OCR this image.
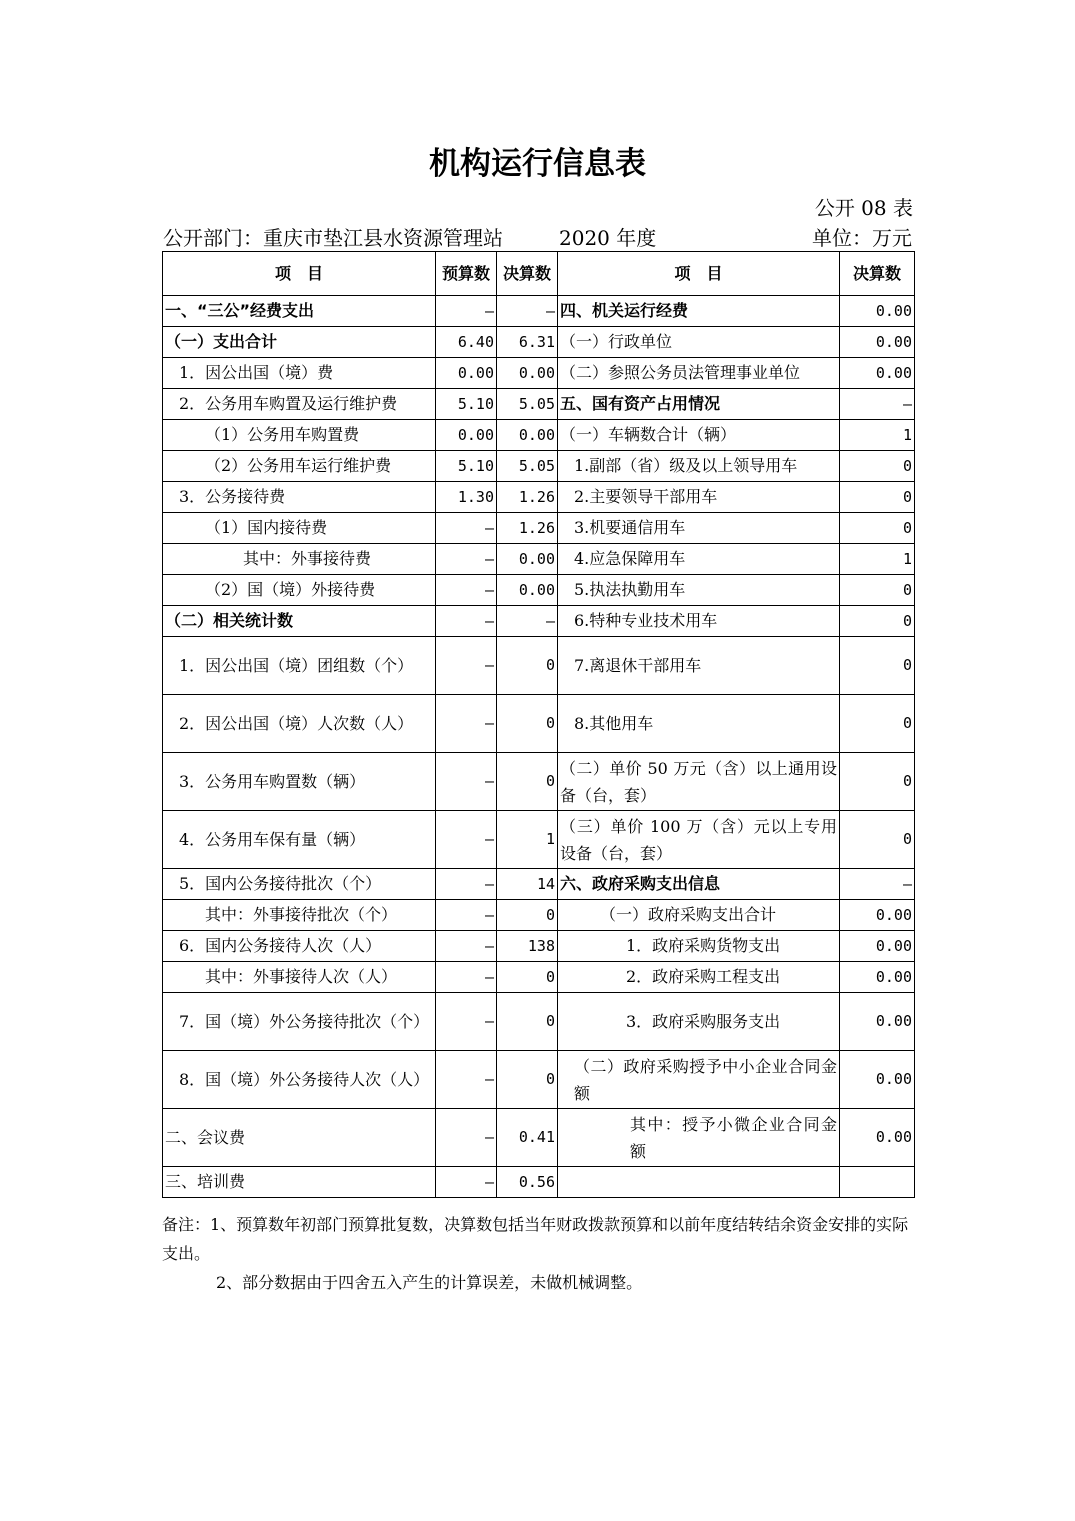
机构运行信息表
公开 08 表
公开部门：重庆市垫江县水资源管理站	2020 年度	单位：万元
项　目	预算数	决算数	项　目	决算数
一、“三公”经费支出	—	—	四、机关运行经费	0.00
（一）支出合计	6.40	6.31	（一）行政单位	0.00
1．因公出国（境）费	0.00	0.00	（二）参照公务员法管理事业单位	0.00
2．公务用车购置及运行维护费	5.10	5.05	五、国有资产占用情况	—
（1）公务用车购置费	0.00	0.00	（一）车辆数合计（辆）	1
（2）公务用车运行维护费	5.10	5.05	1.副部（省）级及以上领导用车	0
3．公务接待费	1.30	1.26	2.主要领导干部用车	0
（1）国内接待费	—	1.26	3.机要通信用车	0
其中：外事接待费	—	0.00	4.应急保障用车	1
（2）国（境）外接待费	—	0.00	5.执法执勤用车	0
（二）相关统计数	—	—	6.特种专业技术用车	0
1．因公出国（境）团组数（个）	—	0	7.离退休干部用车	0
2．因公出国（境）人次数（人）	—	0	8.其他用车	0
3．公务用车购置数（辆）	—	0	（二）单价 50 万元（含）以上通用设备（台，套）	0
4．公务用车保有量（辆）	—	1	（三）单价 100 万（含）元以上专用设备（台，套）	0
5．国内公务接待批次（个）	—	14	六、政府采购支出信息	—
其中：外事接待批次（个）	—	0	（一）政府采购支出合计	0.00
6．国内公务接待人次（人）	—	138	1．政府采购货物支出	0.00
其中：外事接待人次（人）	—	0	2．政府采购工程支出	0.00
7．国（境）外公务接待批次（个）	—	0	3．政府采购服务支出	0.00
8．国（境）外公务接待人次（人）	—	0	（二）政府采购授予中小企业合同金额	0.00
二、会议费	—	0.41	其中：授予小微企业合同金额	0.00
三、培训费	—	0.56		

备注：1、预算数年初部门预算批复数，决算数包括当年财政拨款预算和以前年度结转结余资金安排的实际支出。

2、部分数据由于四舍五入产生的计算误差，未做机械调整。
